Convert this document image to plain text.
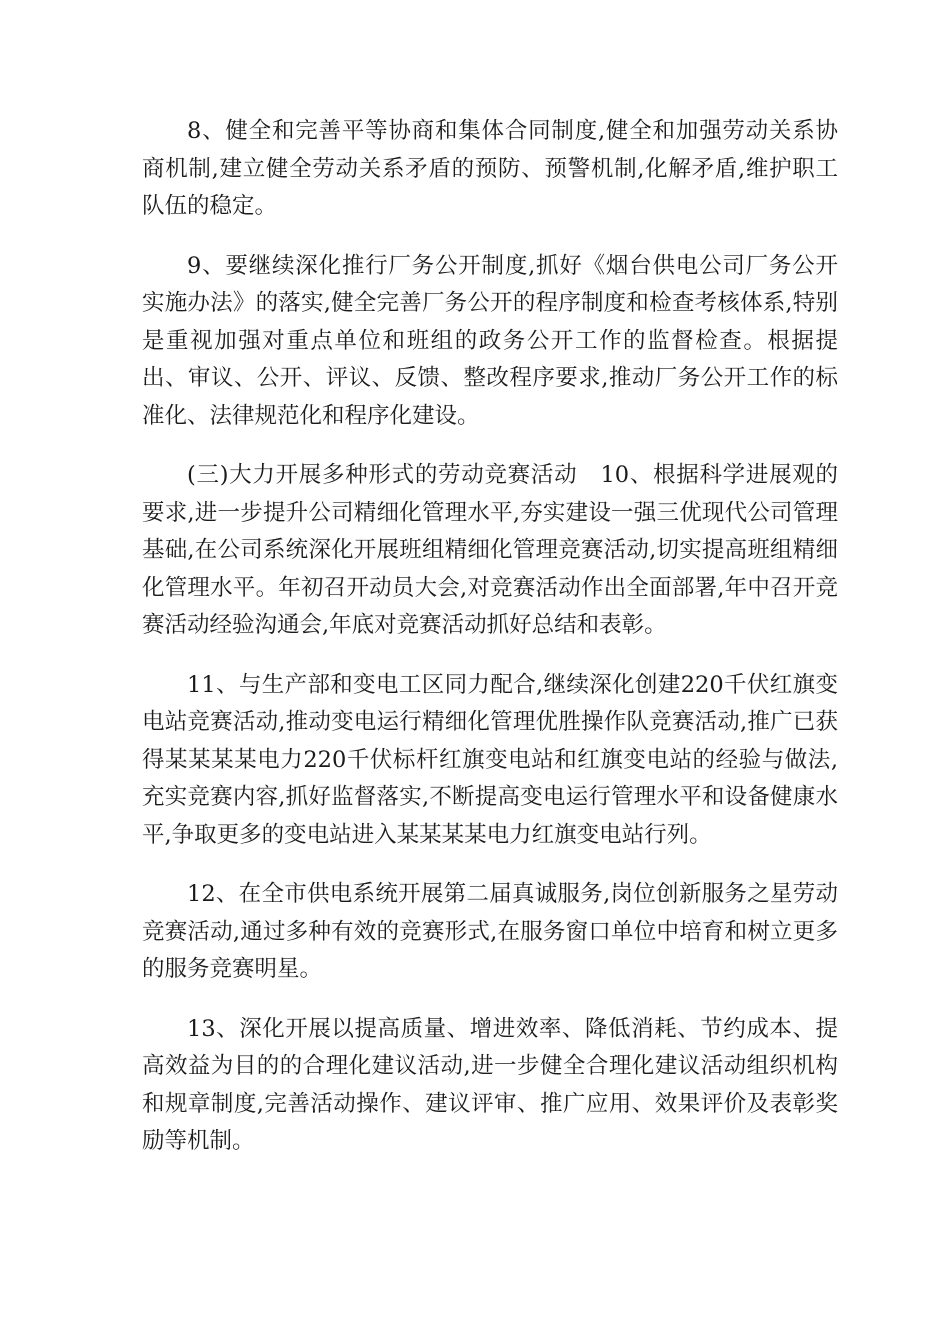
8、健全和完善平等协商和集体合同制度,健全和加强劳动关系协商机制,建立健全劳动关系矛盾的预防、预警机制,化解矛盾,维护职工队伍的稳定。

9、要继续深化推行厂务公开制度,抓好《烟台供电公司厂务公开实施办法》的落实,健全完善厂务公开的程序制度和检查考核体系,特别是重视加强对重点单位和班组的政务公开工作的监督检查。根据提出、审议、公开、评议、反馈、整改程序要求,推动厂务公开工作的标准化、法律规范化和程序化建设。

(三)大力开展多种形式的劳动竞赛活动　10、根据科学进展观的要求,进一步提升公司精细化管理水平,夯实建设一强三优现代公司管理基础,在公司系统深化开展班组精细化管理竞赛活动,切实提高班组精细化管理水平。年初召开动员大会,对竞赛活动作出全面部署,年中召开竞赛活动经验沟通会,年底对竞赛活动抓好总结和表彰。

11、与生产部和变电工区同力配合,继续深化创建220千伏红旗变电站竞赛活动,推动变电运行精细化管理优胜操作队竞赛活动,推广已获得某某某某电力220千伏标杆红旗变电站和红旗变电站的经验与做法,充实竞赛内容,抓好监督落实,不断提高变电运行管理水平和设备健康水平,争取更多的变电站进入某某某某电力红旗变电站行列。

12、在全市供电系统开展第二届真诚服务,岗位创新服务之星劳动竞赛活动,通过多种有效的竞赛形式,在服务窗口单位中培育和树立更多的服务竞赛明星。

13、深化开展以提高质量、增进效率、降低消耗、节约成本、提高效益为目的的合理化建议活动,进一步健全合理化建议活动组织机构和规章制度,完善活动操作、建议评审、推广应用、效果评价及表彰奖励等机制。
